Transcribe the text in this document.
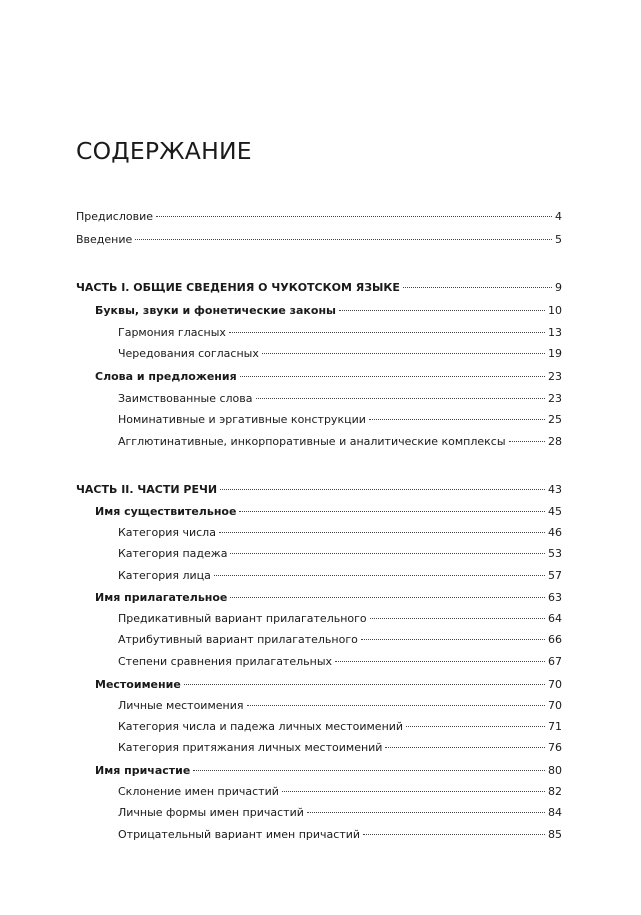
СОДЕРЖАНИЕ
Предисловие	4
Введение	5
ЧАСТЬ I. ОБЩИЕ СВЕДЕНИЯ О ЧУКОТСКОМ ЯЗЫКЕ	9
Буквы, звуки и фонетические законы	10
Гармония гласных	13
Чередования согласных	19
Слова и предложения	23
Заимствованные слова	23
Номинативные и эргативные конструкции	25
Агглютинативные, инкорпоративные и аналитические комплексы	28
ЧАСТЬ II. ЧАСТИ РЕЧИ	43
Имя существительное	45
Категория числа	46
Категория падежа	53
Категория лица	57
Имя прилагательное	63
Предикативный вариант прилагательного	64
Атрибутивный вариант прилагательного	66
Степени сравнения прилагательных	67
Местоимение	70
Личные местоимения	70
Категория числа и падежа личных местоимений	71
Категория притяжания личных местоимений	76
Имя причастие	80
Склонение имен причастий	82
Личные формы имен причастий	84
Отрицательный вариант имен причастий	85
